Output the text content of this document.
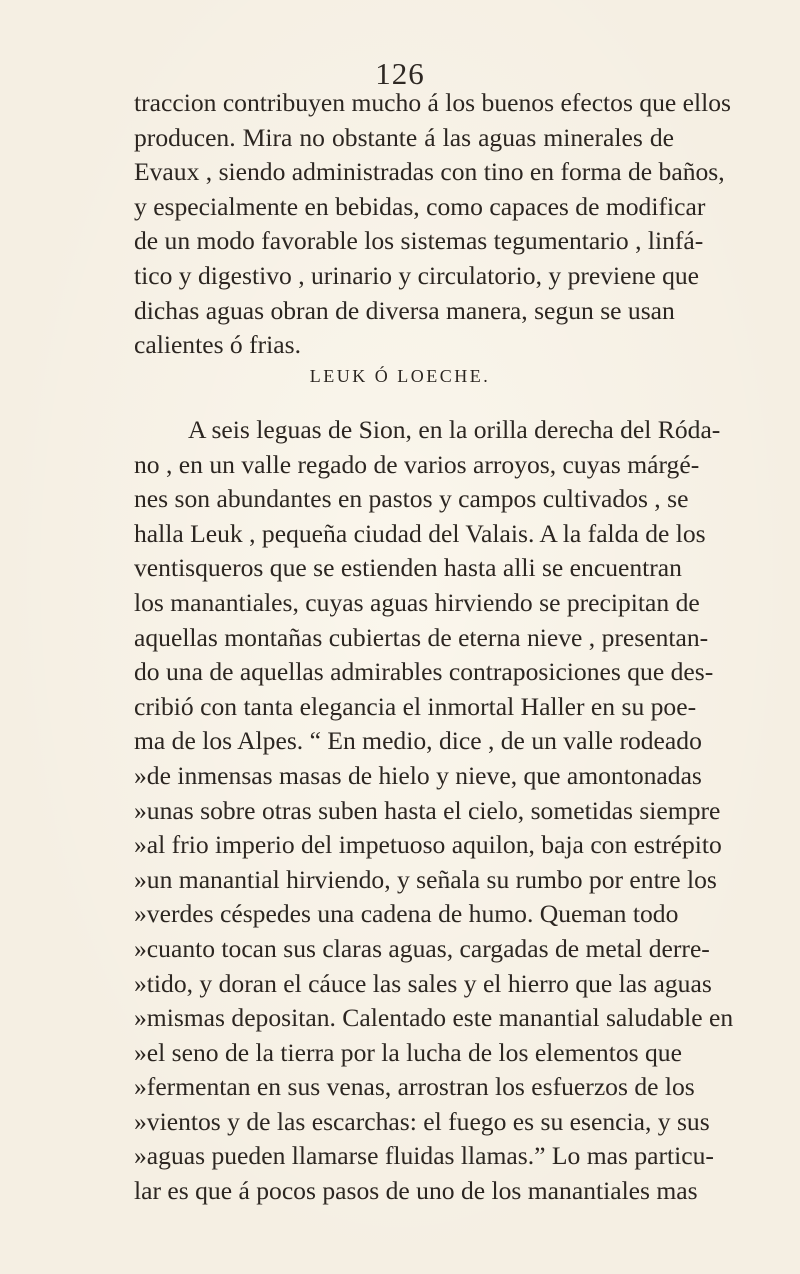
126
traccion contribuyen mucho á los buenos efectos que ellos
producen. Mira no obstante á las aguas minerales de
Evaux , siendo administradas con tino en forma de baños,
y especialmente en bebidas, como capaces de modificar
de un modo favorable los sistemas tegumentario , linfá-
tico y digestivo , urinario y circulatorio, y previene que
dichas aguas obran de diversa manera, segun se usan
calientes ó frias.
LEUK Ó LOECHE.
A seis leguas de Sion, en la orilla derecha del Róda-
no , en un valle regado de varios arroyos, cuyas márgé-
nes son abundantes en pastos y campos cultivados , se
halla Leuk , pequeña ciudad del Valais. A la falda de los
ventisqueros que se estienden hasta alli se encuentran
los manantiales, cuyas aguas hirviendo se precipitan de
aquellas montañas cubiertas de eterna nieve , presentan-
do una de aquellas admirables contraposiciones que des-
cribió con tanta elegancia el inmortal Haller en su poe-
ma de los Alpes. “ En medio, dice , de un valle rodeado
»de inmensas masas de hielo y nieve, que amontonadas
»unas sobre otras suben hasta el cielo, sometidas siempre
»al frio imperio del impetuoso aquilon, baja con estrépito
»un manantial hirviendo, y señala su rumbo por entre los
»verdes céspedes una cadena de humo. Queman todo
»cuanto tocan sus claras aguas, cargadas de metal derre-
»tido, y doran el cáuce las sales y el hierro que las aguas
»mismas depositan. Calentado este manantial saludable en
»el seno de la tierra por la lucha de los elementos que
»fermentan en sus venas, arrostran los esfuerzos de los
»vientos y de las escarchas: el fuego es su esencia, y sus
»aguas pueden llamarse fluidas llamas.” Lo mas particu-
lar es que á pocos pasos de uno de los manantiales mas
